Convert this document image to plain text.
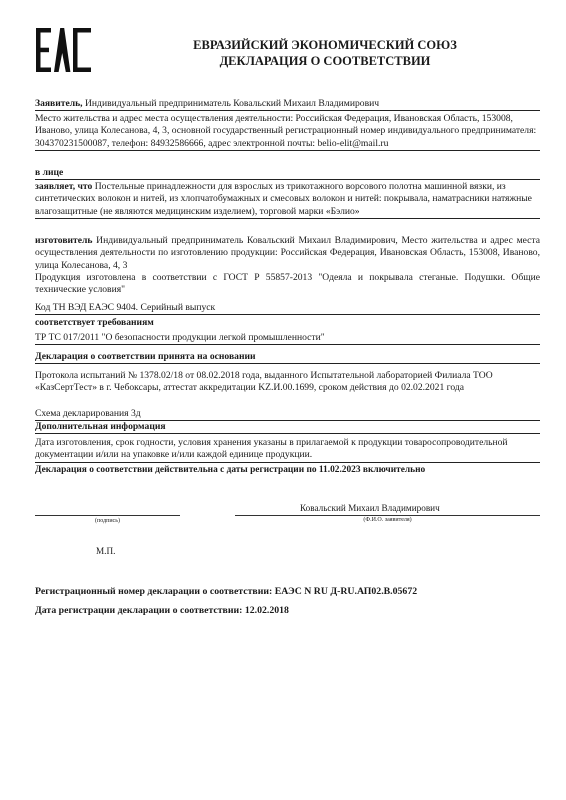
ЕВРАЗИЙСКИЙ ЭКОНОМИЧЕСКИЙ СОЮЗ
ДЕКЛАРАЦИЯ О СООТВЕТСТВИИ
Заявитель, Индивидуальный предприниматель Ковальский Михаил Владимирович
Место жительства и адрес места осуществления деятельности: Российская Федерация, Ивановская Область, 153008, Иваново, улица Колесанова, 4, 3, основной государственный регистрационный номер индивидуального предпринимателя: 304370231500087, телефон: 84932586666, адрес электронной почты: belio-elit@mail.ru
в лице
заявляет, что Постельные принадлежности для взрослых из трикотажного ворсового полотна машинной вязки, из синтетических волокон и нитей, из хлопчатобумажных и смесовых волокон и нитей: покрывала, наматрасники натяжные влагозащитные (не являются медицинским изделием), торговой марки «Бэлио»
изготовитель Индивидуальный предприниматель Ковальский Михаил Владимирович, Место жительства и адрес места осуществления деятельности по изготовлению продукции: Российская Федерация, Ивановская Область, 153008, Иваново, улица Колесанова, 4, 3
Продукция изготовлена в соответствии с ГОСТ Р 55857-2013 "Одеяла и покрывала стеганые. Подушки. Общие технические условия"
Код ТН ВЭД ЕАЭС 9404. Серийный выпуск
соответствует требованиям
ТР ТС 017/2011 "О безопасности продукции легкой промышленности"
Декларация о соответствии принята на основании
Протокола испытаний № 1378.02/18 от 08.02.2018 года, выданного Испытательной лабораторией Филиала ТОО «КазСертТест» в г. Чебоксары, аттестат аккредитации KZ.И.00.1699, сроком действия до 02.02.2021 года
Схема декларирования 3д
Дополнительная информация
Дата изготовления, срок годности, условия хранения указаны в прилагаемой к продукции товаросопроводительной документации и/или на упаковке и/или каждой единице продукции.
Декларация о соответствии действительна с даты регистрации по 11.02.2023 включительно
Ковальский Михаил Владимирович
(подпись)	(Ф.И.О. заявителя)
М.П.
Регистрационный номер декларации о соответствии: ЕАЭС N RU Д-RU.АП02.В.05672
Дата регистрации декларации о соответствии: 12.02.2018
